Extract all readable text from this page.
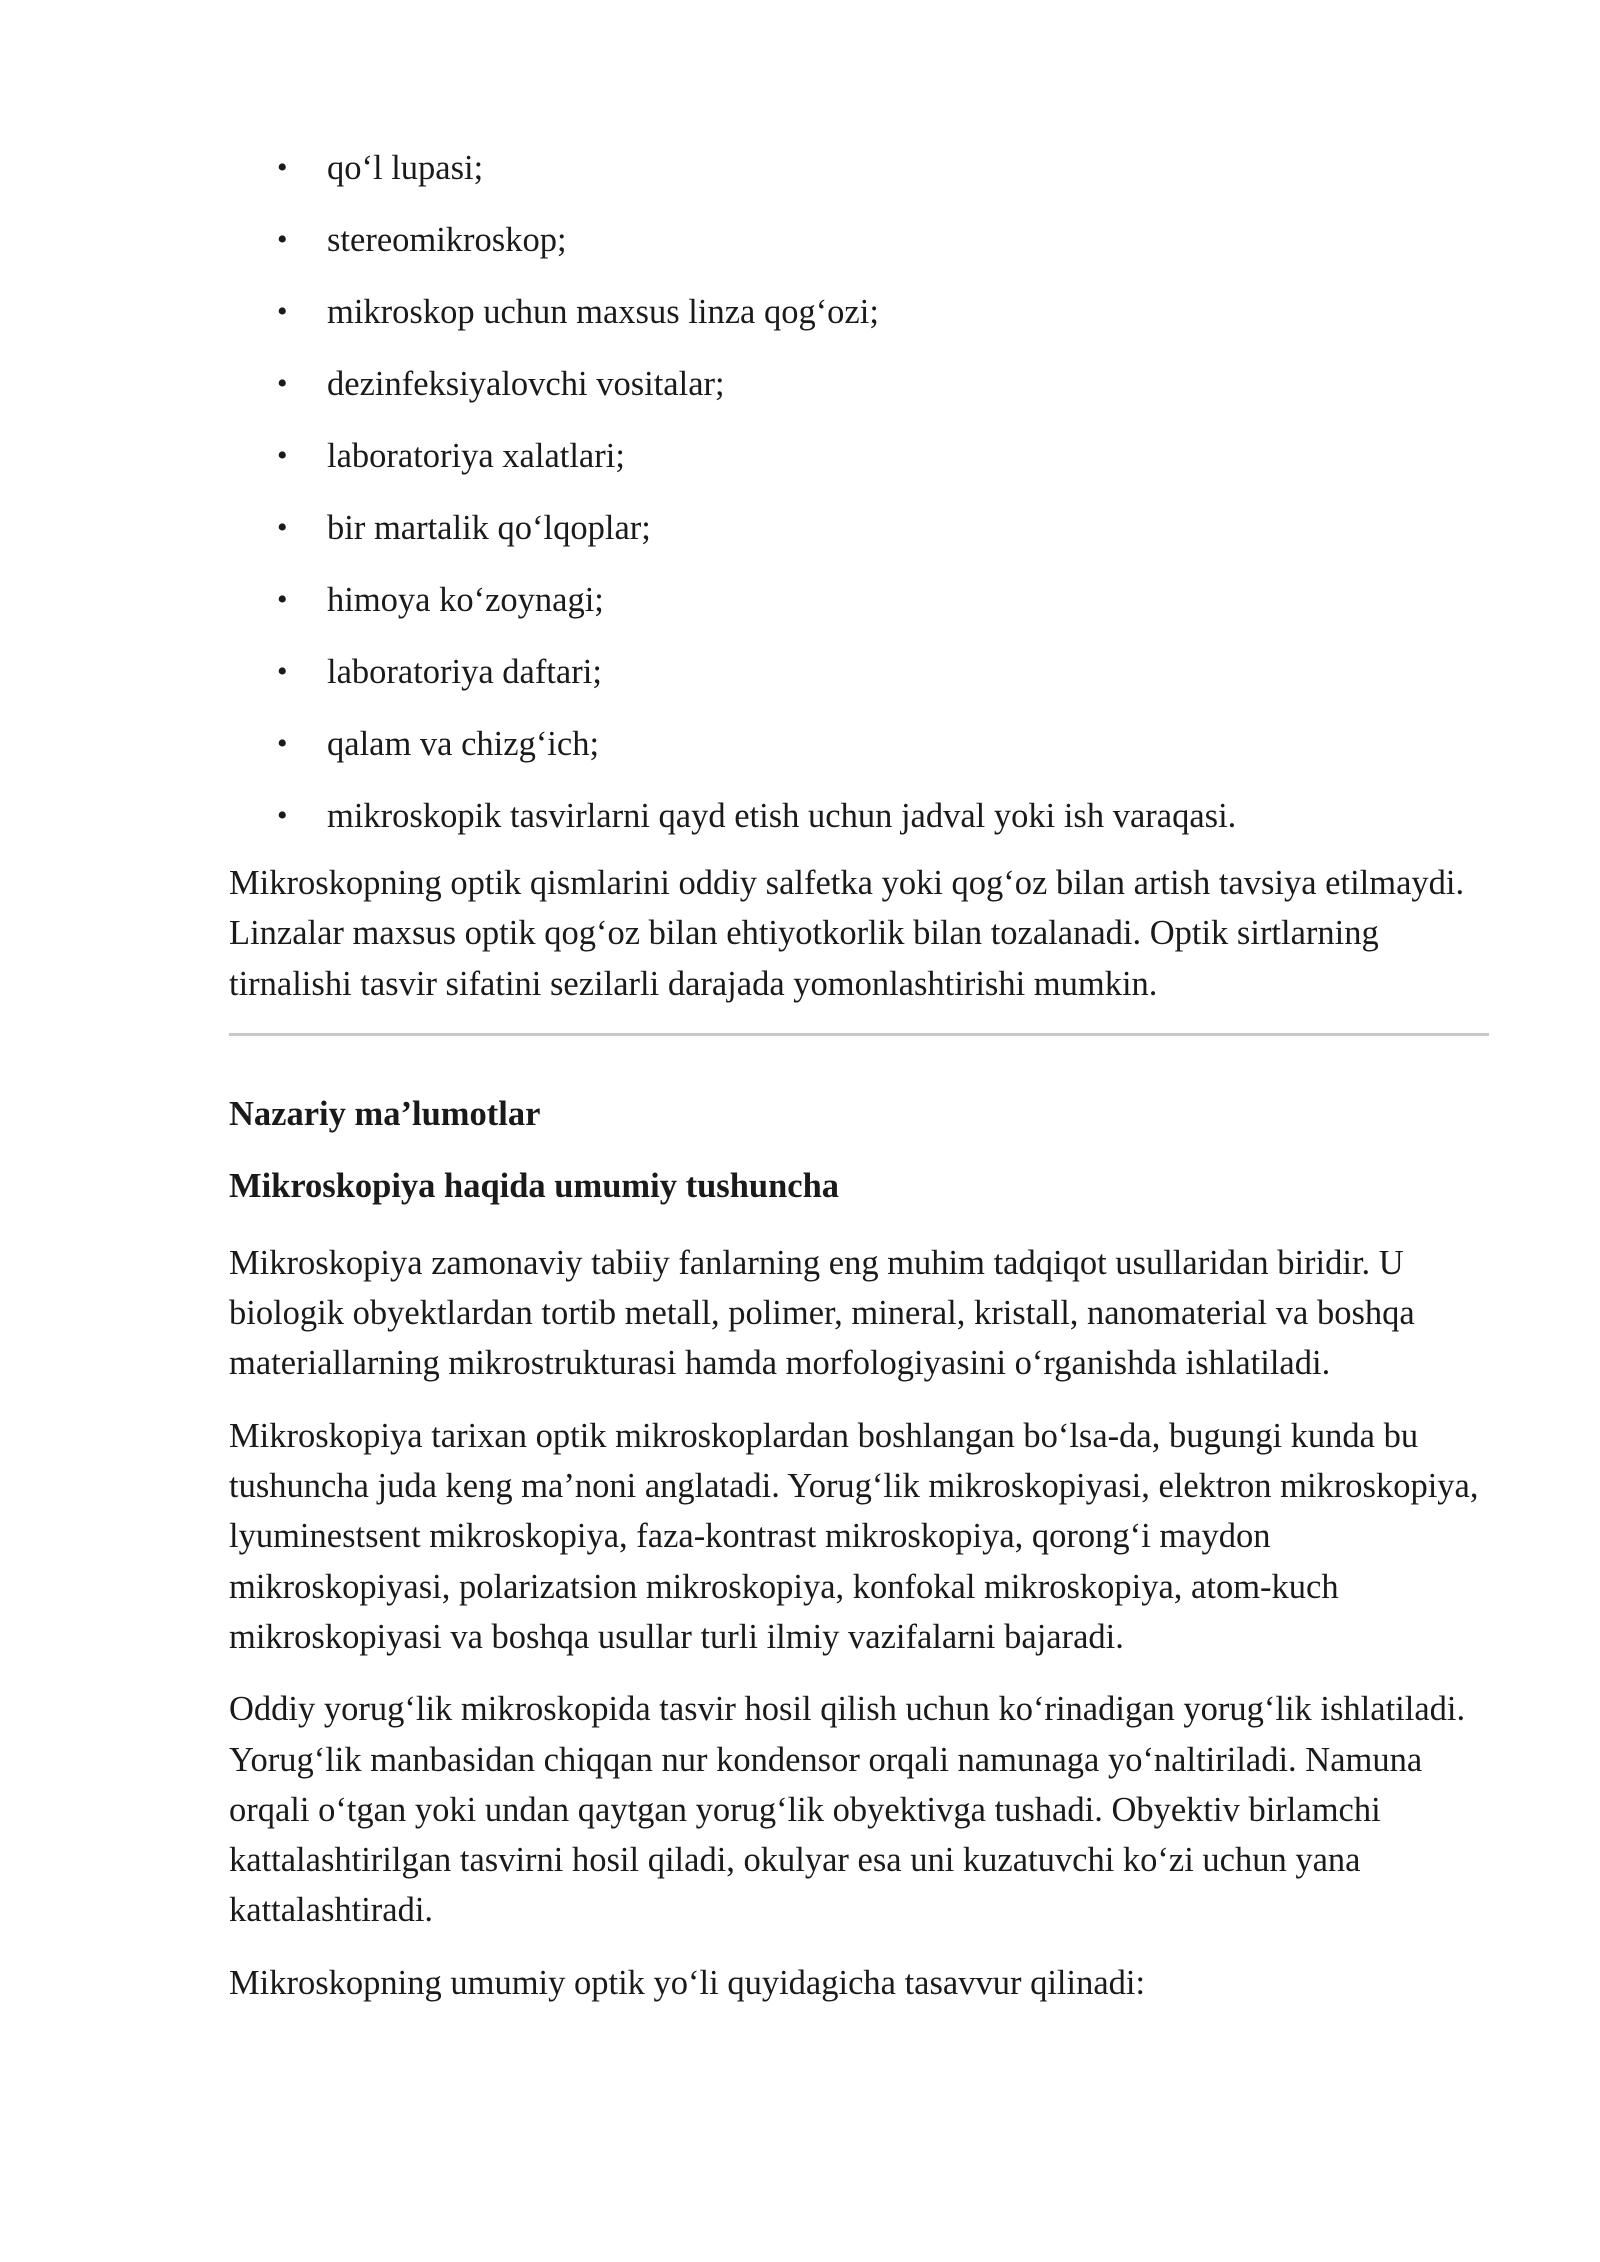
• qo‘l lupasi;
• stereomikroskop;
• mikroskop uchun maxsus linza qog‘ozi;
• dezinfeksiyalovchi vositalar;
• laboratoriya xalatlari;
• bir martalik qo‘lqoplar;
• himoya ko‘zoynagi;
• laboratoriya daftari;
• qalam va chizg‘ich;
• mikroskopik tasvirlarni qayd etish uchun jadval yoki ish varaqasi.

Mikroskopning optik qismlarini oddiy salfetka yoki qog‘oz bilan artish tavsiya etilmaydi. Linzalar maxsus optik qog‘oz bilan ehtiyotkorlik bilan tozalanadi. Optik sirtlarning tirnalishi tasvir sifatini sezilarli darajada yomonlashtirishi mumkin.

Nazariy ma’lumotlar
Mikroskopiya haqida umumiy tushuncha

Mikroskopiya zamonaviy tabiiy fanlarning eng muhim tadqiqot usullaridan biridir. U biologik obyektlardan tortib metall, polimer, mineral, kristall, nanomaterial va boshqa materiallarning mikrostrukturasi hamda morfologiyasini o‘rganishda ishlatiladi.

Mikroskopiya tarixan optik mikroskoplardan boshlangan bo‘lsa-da, bugungi kunda bu tushuncha juda keng ma’noni anglatadi. Yorug‘lik mikroskopiyasi, elektron mikroskopiya, lyuminestsent mikroskopiya, faza-kontrast mikroskopiya, qorong‘i maydon mikroskopiyasi, polarizatsion mikroskopiya, konfokal mikroskopiya, atom-kuch mikroskopiyasi va boshqa usullar turli ilmiy vazifalarni bajaradi.

Oddiy yorug‘lik mikroskopida tasvir hosil qilish uchun ko‘rinadigan yorug‘lik ishlatiladi. Yorug‘lik manbasidan chiqqan nur kondensor orqali namunaga yo‘naltiriladi. Namuna orqali o‘tgan yoki undan qaytgan yorug‘lik obyektivga tushadi. Obyektiv birlamchi kattalashtirilgan tasvirni hosil qiladi, okulyar esa uni kuzatuvchi ko‘zi uchun yana kattalashtiradi.

Mikroskopning umumiy optik yo‘li quyidagicha tasavvur qilinadi:
